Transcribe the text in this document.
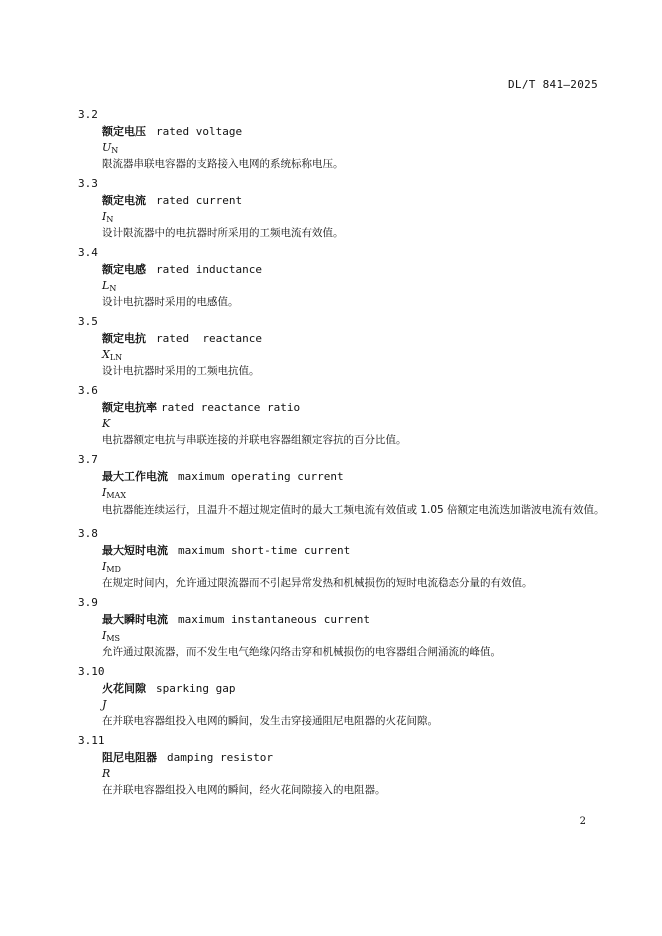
DL/T 841—2025
3.2
额定电压 rated voltage
$U_N$
限流器串联电容器的支路接入电网的系统标称电压。
3.3
额定电流 rated current
$I_N$
设计限流器中的电抗器时所采用的工频电流有效值。
3.4
额定电感 rated inductance
$L_N$
设计电抗器时采用的电感值。
3.5
额定电抗 rated  reactance
$X_{LN}$
设计电抗器时采用的工频电抗值。
3.6
额定电抗率 rated reactance ratio
K
电抗器额定电抗与串联连接的并联电容器组额定容抗的百分比值。
3.7
最大工作电流 maximum operating current
$I_{MAX}$
电抗器能连续运行，且温升不超过规定值时的最大工频电流有效值或 1.05 倍额定电流迭加谐波电流有效值。
3.8
最大短时电流 maximum short-time current
$I_{MD}$
在规定时间内，允许通过限流器而不引起异常发热和机械损伤的短时电流稳态分量的有效值。
3.9
最大瞬时电流 maximum instantaneous current
$I_{MS}$
允许通过限流器，而不发生电气绝缘闪络击穿和机械损伤的电容器组合闸涌流的峰值。
3.10
火花间隙 sparking gap
J
在并联电容器组投入电网的瞬间，发生击穿接通阻尼电阻器的火花间隙。
3.11
阻尼电阻器 damping resistor
R
在并联电容器组投入电网的瞬间，经火花间隙接入的电阻器。
2
